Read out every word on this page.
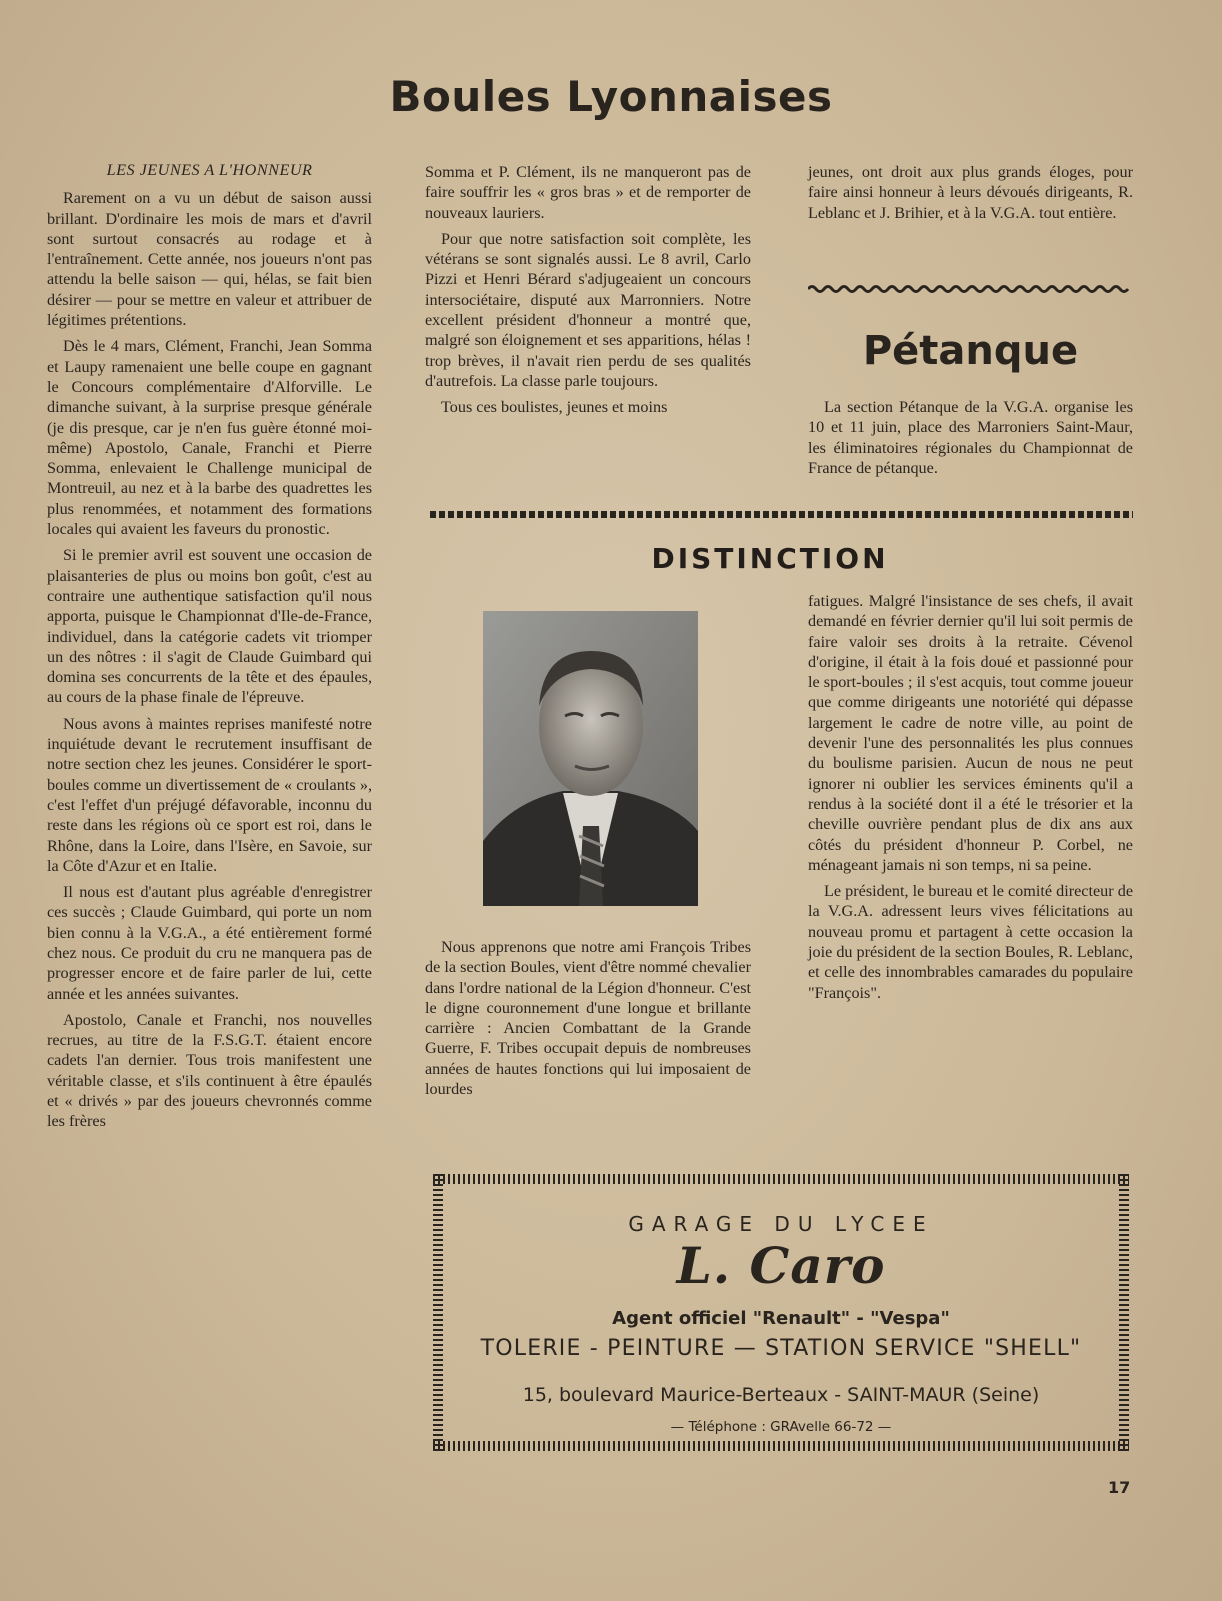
Boules Lyonnaises

LES JEUNES A L'HONNEUR

Rarement on a vu un début de saison aussi brillant. D'ordinaire les mois de mars et d'avril sont surtout consacrés au rodage et à l'entraînement. Cette année, nos joueurs n'ont pas attendu la belle saison — qui, hélas, se fait bien désirer — pour se mettre en valeur et attribuer de légitimes prétentions.

Dès le 4 mars, Clément, Franchi, Jean Somma et Laupy ramenaient une belle coupe en gagnant le Concours complémentaire d'Alforville. Le dimanche suivant, à la surprise presque générale (je dis presque, car je n'en fus guère étonné moi-même) Apostolo, Canale, Franchi et Pierre Somma, enlevaient le Challenge municipal de Montreuil, au nez et à la barbe des quadrettes les plus renommées, et notamment des formations locales qui avaient les faveurs du pronostic.

Si le premier avril est souvent une occasion de plaisanteries de plus ou moins bon goût, c'est au contraire une authentique satisfaction qu'il nous apporta, puisque le Championnat d'Ile-de-France, individuel, dans la catégorie cadets vit triomper un des nôtres : il s'agit de Claude Guimbard qui domina ses concurrents de la tête et des épaules, au cours de la phase finale de l'épreuve.

Nous avons à maintes reprises manifesté notre inquiétude devant le recrutement insuffisant de notre section chez les jeunes. Considérer le sport-boules comme un divertissement de « croulants », c'est l'effet d'un préjugé défavorable, inconnu du reste dans les régions où ce sport est roi, dans le Rhône, dans la Loire, dans l'Isère, en Savoie, sur la Côte d'Azur et en Italie.

Il nous est d'autant plus agréable d'enregistrer ces succès ; Claude Guimbard, qui porte un nom bien connu à la V.G.A., a été entièrement formé chez nous. Ce produit du cru ne manquera pas de progresser encore et de faire parler de lui, cette année et les années suivantes.

Apostolo, Canale et Franchi, nos nouvelles recrues, au titre de la F.S.G.T. étaient encore cadets l'an dernier. Tous trois manifestent une véritable classe, et s'ils continuent à être épaulés et « drivés » par des joueurs chevronnés comme les frères

Somma et P. Clément, ils ne manqueront pas de faire souffrir les « gros bras » et de remporter de nouveaux lauriers.

Pour que notre satisfaction soit complète, les vétérans se sont signalés aussi. Le 8 avril, Carlo Pizzi et Henri Bérard s'adjugeaient un concours intersociétaire, disputé aux Marronniers. Notre excellent président d'honneur a montré que, malgré son éloignement et ses apparitions, hélas ! trop brèves, il n'avait rien perdu de ses qualités d'autrefois. La classe parle toujours.

Tous ces boulistes, jeunes et moins

jeunes, ont droit aux plus grands éloges, pour faire ainsi honneur à leurs dévoués dirigeants, R. Leblanc et J. Brihier, et à la V.G.A. tout entière.

Pétanque

La section Pétanque de la V.G.A. organise les 10 et 11 juin, place des Marroniers Saint-Maur, les éliminatoires régionales du Championnat de France de pétanque.

DISTINCTION

Nous apprenons que notre ami François Tribes de la section Boules, vient d'être nommé chevalier dans l'ordre national de la Légion d'honneur. C'est le digne couronnement d'une longue et brillante carrière : Ancien Combattant de la Grande Guerre, F. Tribes occupait depuis de nombreuses années de hautes fonctions qui lui imposaient de lourdes

fatigues. Malgré l'insistance de ses chefs, il avait demandé en février dernier qu'il lui soit permis de faire valoir ses droits à la retraite. Cévenol d'origine, il était à la fois doué et passionné pour le sport-boules ; il s'est acquis, tout comme joueur que comme dirigeants une notoriété qui dépasse largement le cadre de notre ville, au point de devenir l'une des personnalités les plus connues du boulisme parisien. Aucun de nous ne peut ignorer ni oublier les services éminents qu'il a rendus à la société dont il a été le trésorier et la cheville ouvrière pendant plus de dix ans aux côtés du président d'honneur P. Corbel, ne ménageant jamais ni son temps, ni sa peine.

Le président, le bureau et le comité directeur de la V.G.A. adressent leurs vives félicitations au nouveau promu et partagent à cette occasion la joie du président de la section Boules, R. Leblanc, et celle des innombrables camarades du populaire "François".

GARAGE DU LYCEE
L. Caro
Agent officiel "Renault" - "Vespa"
TOLERIE - PEINTURE — STATION SERVICE "SHELL"
15, boulevard Maurice-Berteaux - SAINT-MAUR (Seine)
— Téléphone : GRAvelle 66-72 —
17
